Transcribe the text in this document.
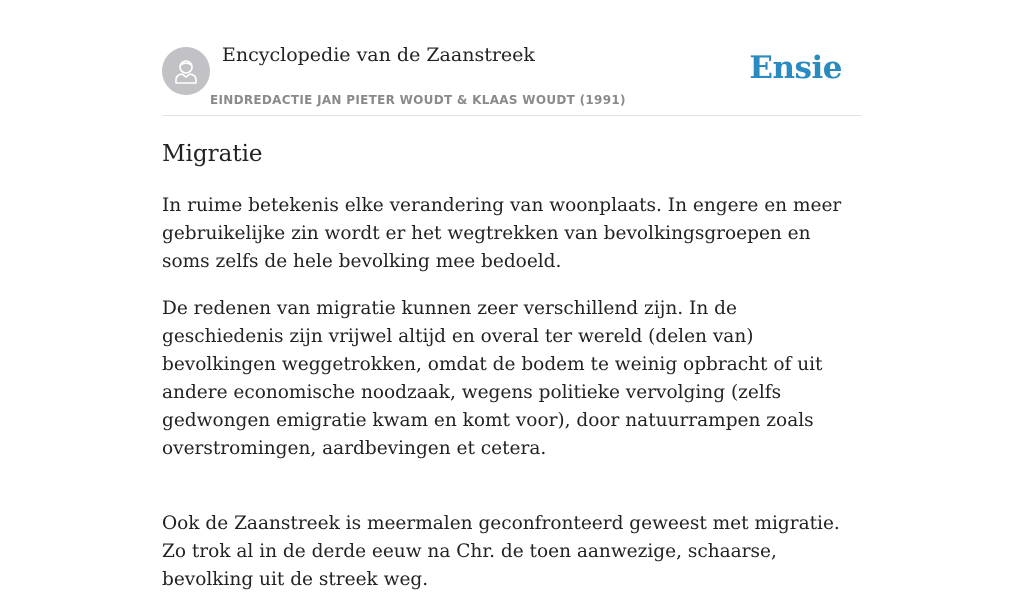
Encyclopedie van de Zaanstreek
EINDREDACTIE JAN PIETER WOUDT & KLAAS WOUDT (1991)
Ensie
Migratie

In ruime betekenis elke verandering van woonplaats. In engere en meer gebruikelijke zin wordt er het wegtrekken van bevolkingsgroepen en soms zelfs de hele bevolking mee bedoeld.

De redenen van migratie kunnen zeer verschillend zijn. In de geschiedenis zijn vrijwel altijd en overal ter wereld (delen van) bevolkingen weggetrokken, omdat de bodem te weinig opbracht of uit andere economische noodzaak, wegens politieke vervolging (zelfs gedwongen emigratie kwam en komt voor), door natuurrampen zoals overstromingen, aardbevingen et cetera.

Ook de Zaanstreek is meermalen geconfronteerd geweest met migratie. Zo trok al in de derde eeuw na Chr. de toen aanwezige, schaarse, bevolking uit de streek weg.
